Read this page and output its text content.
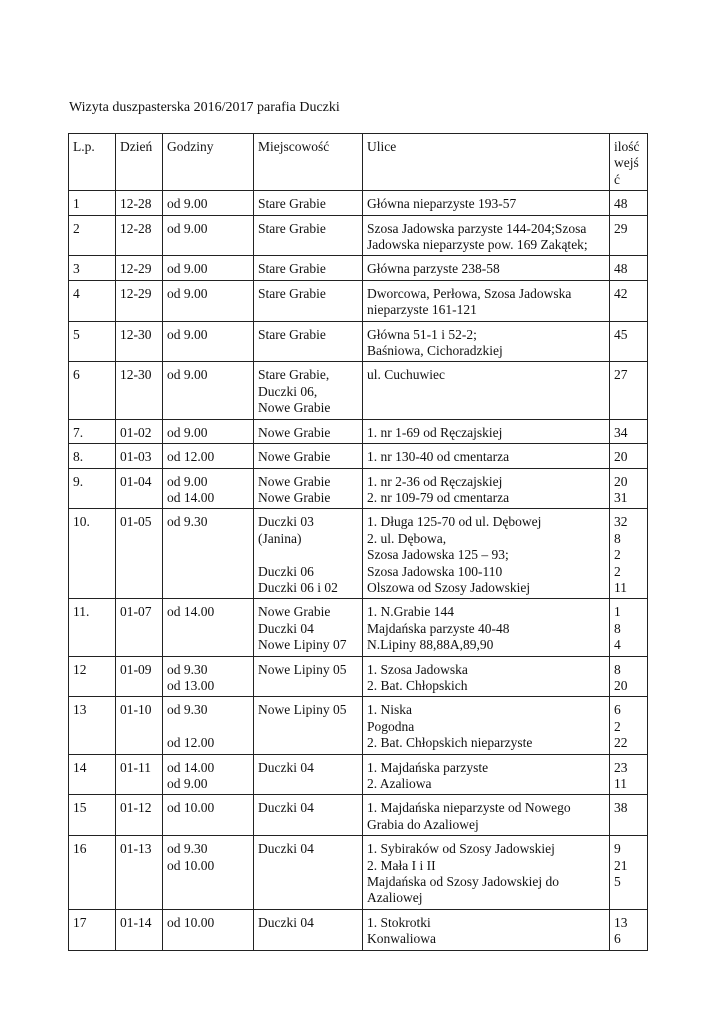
Wizyta duszpasterska 2016/2017 parafia Duczki
L.p.	Dzień	Godziny	Miejscowość	Ulice	ilość
wejś
ć

1	12-28	od 9.00	Stare Grabie	Główna nieparzyste 193-57	48

2	12-28	od 9.00	Stare Grabie	Szosa Jadowska parzyste 144-204;Szosa
Jadowska nieparzyste pow. 169 Zakątek;	29

3	12-29	od 9.00	Stare Grabie	Główna parzyste 238-58	48

4	12-29	od 9.00	Stare Grabie	Dworcowa, Perłowa, Szosa Jadowska
nieparzyste 161-121	42

5	12-30	od 9.00	Stare Grabie	Główna 51-1 i 52-2;
Baśniowa, Cichoradzkiej	45

6	12-30	od 9.00	Stare Grabie,
Duczki 06,
Nowe Grabie	ul. Cuchuwiec	27

7.	01-02	od 9.00	Nowe Grabie	1. nr 1-69 od Ręczajskiej	34

8.	01-03	od 12.00	Nowe Grabie	1. nr 130-40 od cmentarza	20

9.	01-04	od 9.00
od 14.00	Nowe Grabie
Nowe Grabie	1. nr 2-36 od Ręczajskiej
2. nr 109-79 od cmentarza	20
31

10.	01-05	od 9.30	Duczki 03
(Janina)
Duczki 06
Duczki 06 i 02	1. Długa 125-70 od ul. Dębowej
2. ul. Dębowa,
Szosa Jadowska 125 – 93;
Szosa Jadowska 100-110
Olszowa od Szosy Jadowskiej	32
8
2
2
11

11.	01-07	od 14.00	Nowe Grabie
Duczki 04
Nowe Lipiny 07	1. N.Grabie 144
Majdańska parzyste 40-48
N.Lipiny 88,88A,89,90	1
8
4

12	01-09	od 9.30
od 13.00	Nowe Lipiny 05	1. Szosa Jadowska
2. Bat. Chłopskich	8
20

13	01-10	od 9.30
od 12.00	Nowe Lipiny 05	1. Niska
Pogodna
2. Bat. Chłopskich nieparzyste	6
2
22

14	01-11	od 14.00
od 9.00	Duczki 04	1. Majdańska parzyste
2. Azaliowa	23
11

15	01-12	od 10.00	Duczki 04	1. Majdańska nieparzyste od Nowego
Grabia do Azaliowej	38

16	01-13	od 9.30
od 10.00	Duczki 04	1. Sybiraków od Szosy Jadowskiej
2. Mała I i II
Majdańska od Szosy Jadowskiej do
Azaliowej	9
21
5

17	01-14	od 10.00	Duczki 04	1. Stokrotki
Konwaliowa	13
6
